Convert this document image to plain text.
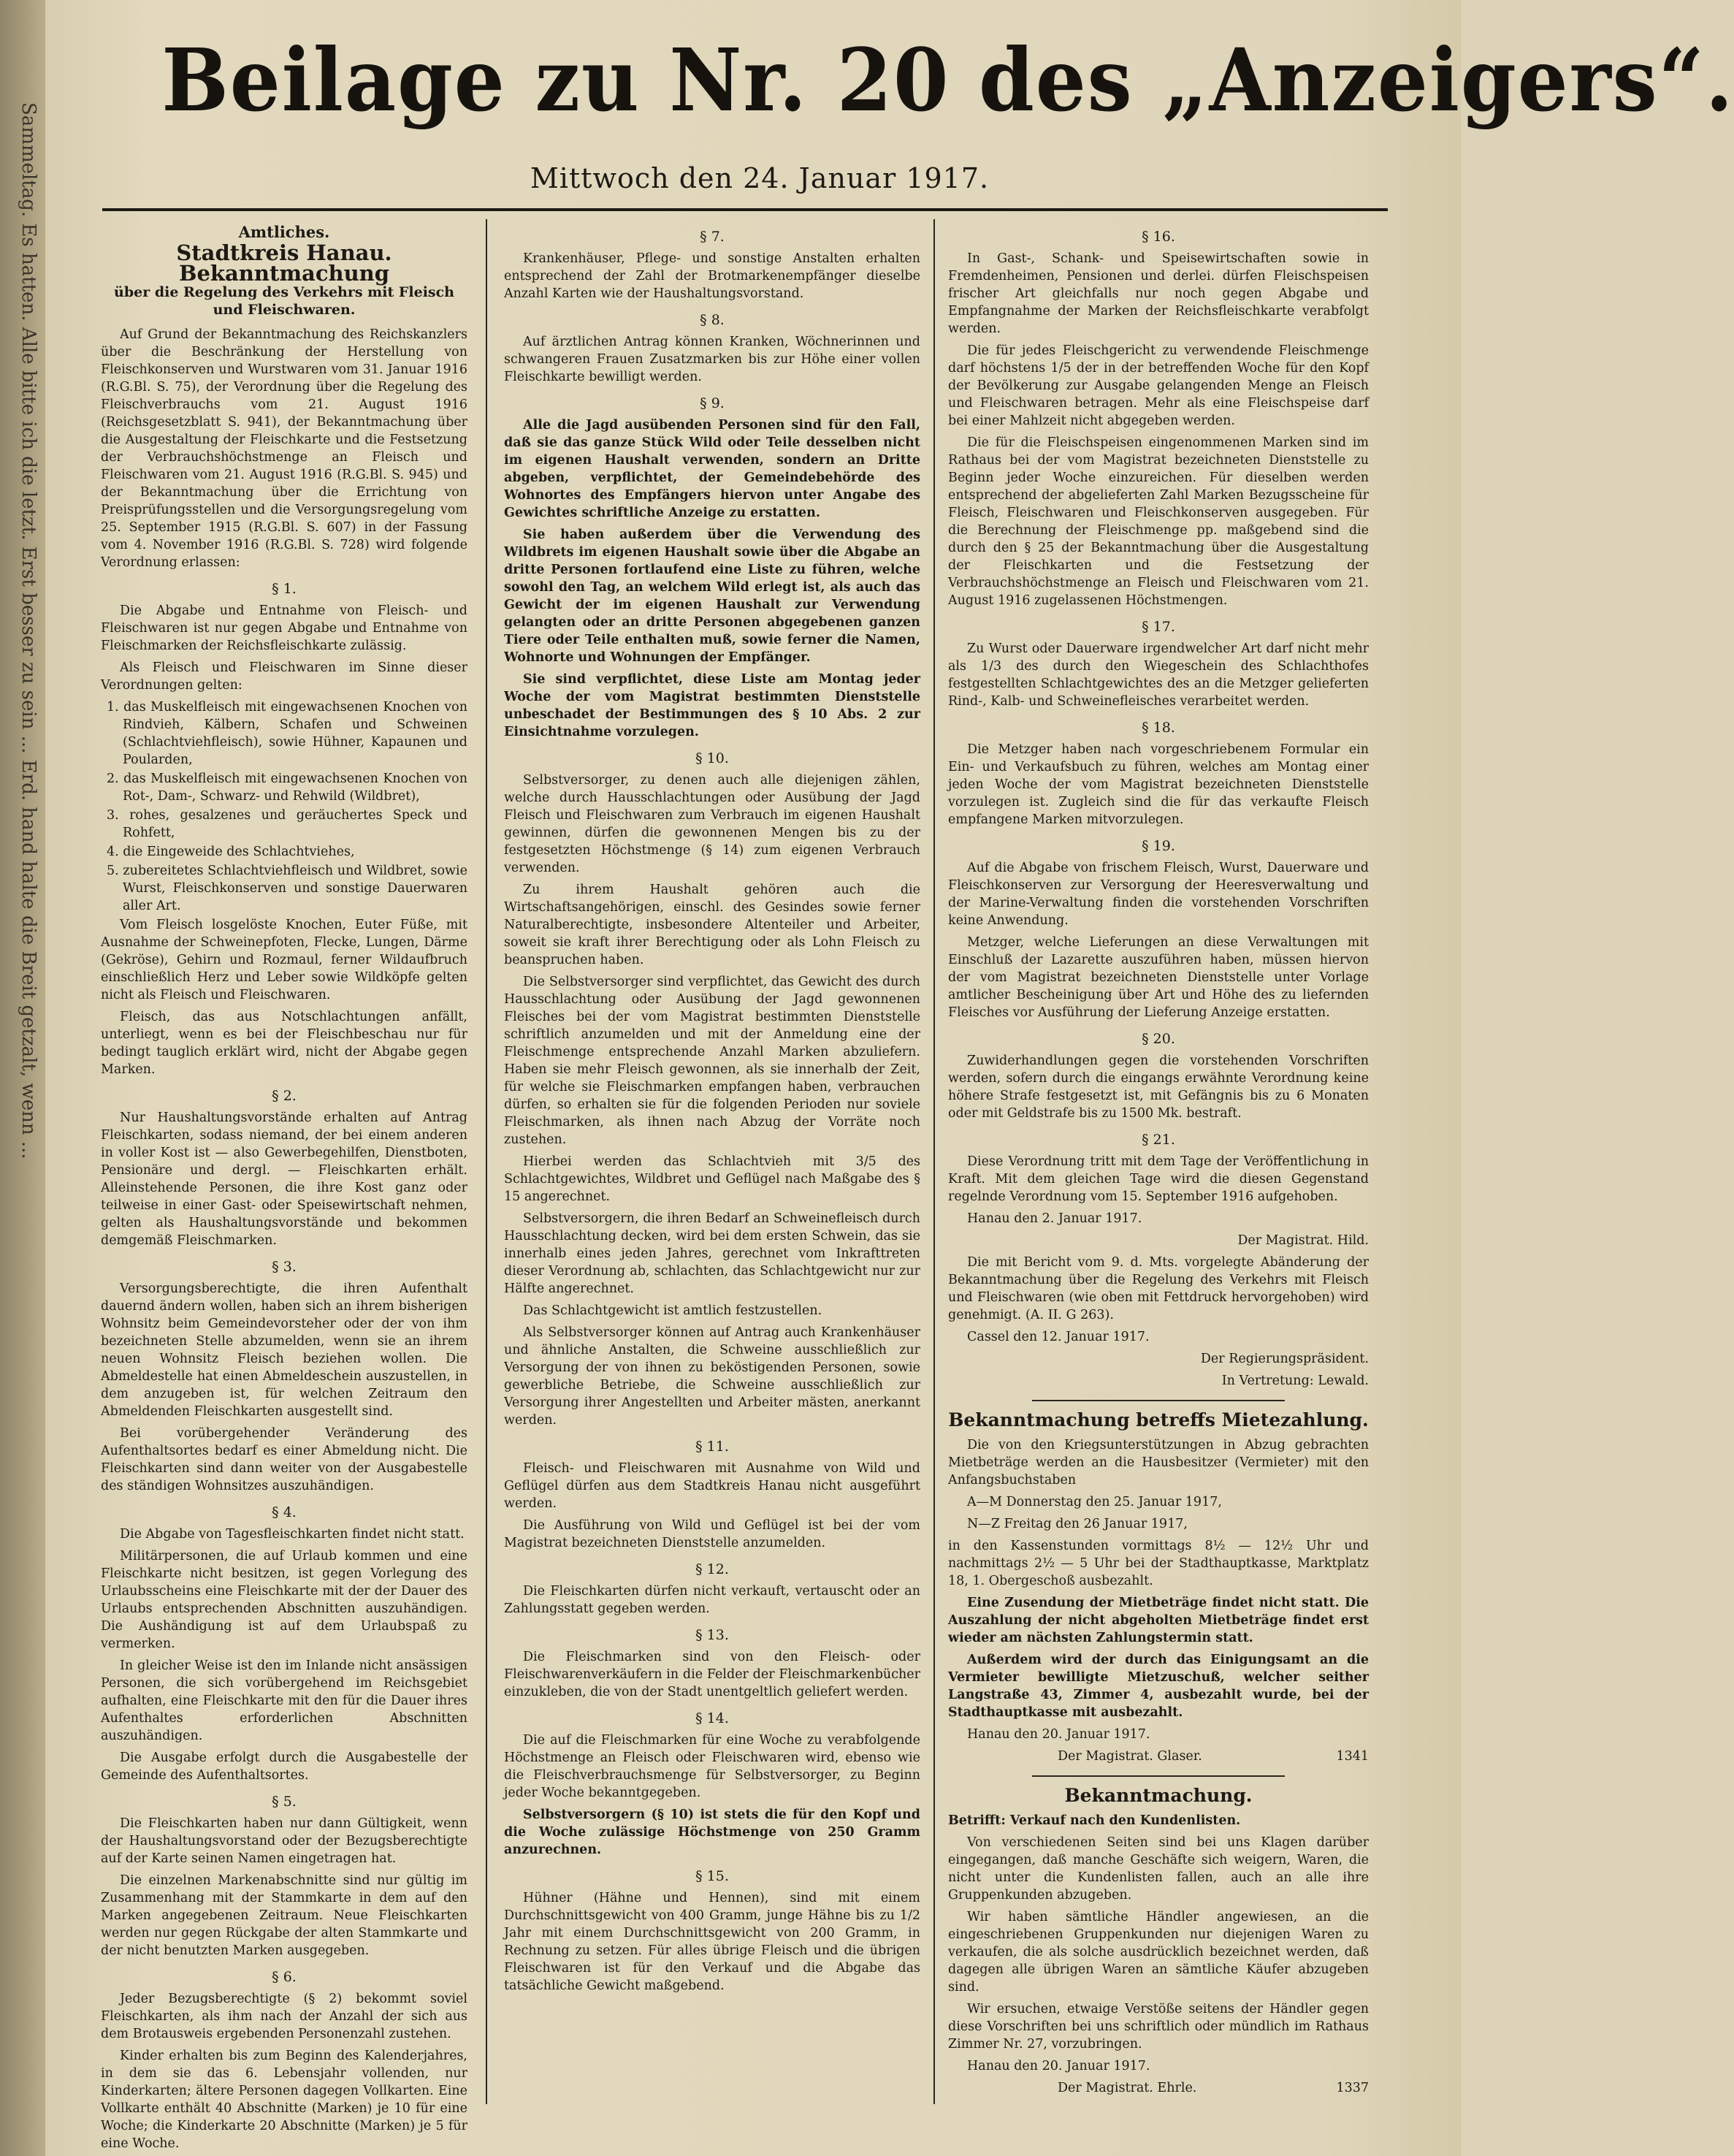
Sammeltag. Es hatten. Alle bitte ich die letzt. Erst besser zu sein ... Erd. hand halte die Breit getzalt, wenn ...
Beilage zu Nr. 20 des „Anzeigers“.
Mittwoch den 24. Januar 1917.
Amtliches.
Stadtkreis Hanau.
Bekanntmachung
über die Regelung des Verkehrs mit Fleisch und Fleischwaren.

Auf Grund der Bekanntmachung des Reichskanzlers über die Beschränkung der Herstellung von Fleischkonserven und Wurstwaren vom 31. Januar 1916 (R.G.Bl. S. 75), der Verordnung über die Regelung des Fleischverbrauchs vom 21. August 1916 (Reichsgesetzblatt S. 941), der Bekanntmachung über die Ausgestaltung der Fleischkarte und die Festsetzung der Verbrauchshöchstmenge an Fleisch und Fleischwaren vom 21. August 1916 (R.G.Bl. S. 945) und der Bekanntmachung über die Errichtung von Preisprüfungsstellen und die Versorgungsregelung vom 25. September 1915 (R.G.Bl. S. 607) in der Fassung vom 4. November 1916 (R.G.Bl. S. 728) wird folgende Verordnung erlassen:

§ 1.

Die Abgabe und Entnahme von Fleisch- und Fleischwaren ist nur gegen Abgabe und Entnahme von Fleischmarken der Reichsfleischkarte zulässig.

Als Fleisch und Fleischwaren im Sinne dieser Verordnungen gelten:

1. das Muskelfleisch mit eingewachsenen Knochen von Rindvieh, Kälbern, Schafen und Schweinen (Schlachtviehfleisch), sowie Hühner, Kapaunen und Poularden,

2. das Muskelfleisch mit eingewachsenen Knochen von Rot-, Dam-, Schwarz- und Rehwild (Wildbret),

3. rohes, gesalzenes und geräuchertes Speck und Rohfett,

4. die Eingeweide des Schlachtviehes,

5. zubereitetes Schlachtviehfleisch und Wildbret, sowie Wurst, Fleischkonserven und sonstige Dauerwaren aller Art.

Vom Fleisch losgelöste Knochen, Euter Füße, mit Ausnahme der Schweinepfoten, Flecke, Lungen, Därme (Gekröse), Gehirn und Rozmaul, ferner Wildaufbruch einschließlich Herz und Leber sowie Wildköpfe gelten nicht als Fleisch und Fleischwaren.

Fleisch, das aus Notschlachtungen anfällt, unterliegt, wenn es bei der Fleischbeschau nur für bedingt tauglich erklärt wird, nicht der Abgabe gegen Marken.

§ 2.

Nur Haushaltungsvorstände erhalten auf Antrag Fleischkarten, sodass niemand, der bei einem anderen in voller Kost ist — also Gewerbegehilfen, Dienstboten, Pensionäre und dergl. — Fleischkarten erhält. Alleinstehende Personen, die ihre Kost ganz oder teilweise in einer Gast- oder Speisewirtschaft nehmen, gelten als Haushaltungsvorstände und bekommen demgemäß Fleischmarken.

§ 3.

Versorgungsberechtigte, die ihren Aufenthalt dauernd ändern wollen, haben sich an ihrem bisherigen Wohnsitz beim Gemeindevorsteher oder der von ihm bezeichneten Stelle abzumelden, wenn sie an ihrem neuen Wohnsitz Fleisch beziehen wollen. Die Abmeldestelle hat einen Abmeldeschein auszustellen, in dem anzugeben ist, für welchen Zeitraum den Abmeldenden Fleischkarten ausgestellt sind.

Bei vorübergehender Veränderung des Aufenthaltsortes bedarf es einer Abmeldung nicht. Die Fleischkarten sind dann weiter von der Ausgabestelle des ständigen Wohnsitzes auszuhändigen.

§ 4.

Die Abgabe von Tagesfleischkarten findet nicht statt.

Militärpersonen, die auf Urlaub kommen und eine Fleischkarte nicht besitzen, ist gegen Vorlegung des Urlaubsscheins eine Fleischkarte mit der der Dauer des Urlaubs entsprechenden Abschnitten auszuhändigen. Die Aushändigung ist auf dem Urlaubspaß zu vermerken.

In gleicher Weise ist den im Inlande nicht ansässigen Personen, die sich vorübergehend im Reichsgebiet aufhalten, eine Fleischkarte mit den für die Dauer ihres Aufenthaltes erforderlichen Abschnitten auszuhändigen.

Die Ausgabe erfolgt durch die Ausgabestelle der Gemeinde des Aufenthaltsortes.

§ 5.

Die Fleischkarten haben nur dann Gültigkeit, wenn der Haushaltungsvorstand oder der Bezugsberechtigte auf der Karte seinen Namen eingetragen hat.

Die einzelnen Markenabschnitte sind nur gültig im Zusammenhang mit der Stammkarte in dem auf den Marken angegebenen Zeitraum. Neue Fleischkarten werden nur gegen Rückgabe der alten Stammkarte und der nicht benutzten Marken ausgegeben.

§ 6.

Jeder Bezugsberechtigte (§ 2) bekommt soviel Fleischkarten, als ihm nach der Anzahl der sich aus dem Brotausweis ergebenden Personenzahl zustehen.

Kinder erhalten bis zum Beginn des Kalenderjahres, in dem sie das 6. Lebensjahr vollenden, nur Kinderkarten; ältere Personen dagegen Vollkarten. Eine Vollkarte enthält 40 Abschnitte (Marken) je 10 für eine Woche; die Kinderkarte 20 Abschnitte (Marken) je 5 für eine Woche.

§ 7.

Krankenhäuser, Pflege- und sonstige Anstalten erhalten entsprechend der Zahl der Brotmarkenempfänger dieselbe Anzahl Karten wie der Haushaltungsvorstand.

§ 8.

Auf ärztlichen Antrag können Kranken, Wöchnerinnen und schwangeren Frauen Zusatzmarken bis zur Höhe einer vollen Fleischkarte bewilligt werden.

§ 9.

Alle die Jagd ausübenden Personen sind für den Fall, daß sie das ganze Stück Wild oder Teile desselben nicht im eigenen Haushalt verwenden, sondern an Dritte abgeben, verpflichtet, der Gemeindebehörde des Wohnortes des Empfängers hiervon unter Angabe des Gewichtes schriftliche Anzeige zu erstatten.

Sie haben außerdem über die Verwendung des Wildbrets im eigenen Haushalt sowie über die Abgabe an dritte Personen fortlaufend eine Liste zu führen, welche sowohl den Tag, an welchem Wild erlegt ist, als auch das Gewicht der im eigenen Haushalt zur Verwendung gelangten oder an dritte Personen abgegebenen ganzen Tiere oder Teile enthalten muß, sowie ferner die Namen, Wohnorte und Wohnungen der Empfänger.

Sie sind verpflichtet, diese Liste am Montag jeder Woche der vom Magistrat bestimmten Dienststelle unbeschadet der Bestimmungen des § 10 Abs. 2 zur Einsichtnahme vorzulegen.

§ 10.

Selbstversorger, zu denen auch alle diejenigen zählen, welche durch Hausschlachtungen oder Ausübung der Jagd Fleisch und Fleischwaren zum Verbrauch im eigenen Haushalt gewinnen, dürfen die gewonnenen Mengen bis zu der festgesetzten Höchstmenge (§ 14) zum eigenen Verbrauch verwenden.

Zu ihrem Haushalt gehören auch die Wirtschaftsangehörigen, einschl. des Gesindes sowie ferner Naturalberechtigte, insbesondere Altenteiler und Arbeiter, soweit sie kraft ihrer Berechtigung oder als Lohn Fleisch zu beanspruchen haben.

Die Selbstversorger sind verpflichtet, das Gewicht des durch Hausschlachtung oder Ausübung der Jagd gewonnenen Fleisches bei der vom Magistrat bestimmten Dienststelle schriftlich anzumelden und mit der Anmeldung eine der Fleischmenge entsprechende Anzahl Marken abzuliefern. Haben sie mehr Fleisch gewonnen, als sie innerhalb der Zeit, für welche sie Fleischmarken empfangen haben, verbrauchen dürfen, so erhalten sie für die folgenden Perioden nur soviele Fleischmarken, als ihnen nach Abzug der Vorräte noch zustehen.

Hierbei werden das Schlachtvieh mit 3/5 des Schlachtgewichtes, Wildbret und Geflügel nach Maßgabe des § 15 angerechnet.

Selbstversorgern, die ihren Bedarf an Schweinefleisch durch Hausschlachtung decken, wird bei dem ersten Schwein, das sie innerhalb eines jeden Jahres, gerechnet vom Inkrafttreten dieser Verordnung ab, schlachten, das Schlachtgewicht nur zur Hälfte angerechnet.

Das Schlachtgewicht ist amtlich festzustellen.

Als Selbstversorger können auf Antrag auch Krankenhäuser und ähnliche Anstalten, die Schweine ausschließlich zur Versorgung der von ihnen zu beköstigenden Personen, sowie gewerbliche Betriebe, die Schweine ausschließlich zur Versorgung ihrer Angestellten und Arbeiter mästen, anerkannt werden.

§ 11.

Fleisch- und Fleischwaren mit Ausnahme von Wild und Geflügel dürfen aus dem Stadtkreis Hanau nicht ausgeführt werden.

Die Ausführung von Wild und Geflügel ist bei der vom Magistrat bezeichneten Dienststelle anzumelden.

§ 12.

Die Fleischkarten dürfen nicht verkauft, vertauscht oder an Zahlungsstatt gegeben werden.

§ 13.

Die Fleischmarken sind von den Fleisch- oder Fleischwarenverkäufern in die Felder der Fleischmarkenbücher einzukleben, die von der Stadt unentgeltlich geliefert werden.

§ 14.

Die auf die Fleischmarken für eine Woche zu verabfolgende Höchstmenge an Fleisch oder Fleischwaren wird, ebenso wie die Fleischverbrauchsmenge für Selbstversorger, zu Beginn jeder Woche bekanntgegeben.

Selbstversorgern (§ 10) ist stets die für den Kopf und die Woche zulässige Höchstmenge von 250 Gramm anzurechnen.

§ 15.

Hühner (Hähne und Hennen), sind mit einem Durchschnittsgewicht von 400 Gramm, junge Hähne bis zu 1/2 Jahr mit einem Durchschnittsgewicht von 200 Gramm, in Rechnung zu setzen. Für alles übrige Fleisch und die übrigen Fleischwaren ist für den Verkauf und die Abgabe das tatsächliche Gewicht maßgebend.

§ 16.

In Gast-, Schank- und Speisewirtschaften sowie in Fremdenheimen, Pensionen und derlei. dürfen Fleischspeisen frischer Art gleichfalls nur noch gegen Abgabe und Empfangnahme der Marken der Reichsfleischkarte verabfolgt werden.

Die für jedes Fleischgericht zu verwendende Fleischmenge darf höchstens 1/5 der in der betreffenden Woche für den Kopf der Bevölkerung zur Ausgabe gelangenden Menge an Fleisch und Fleischwaren betragen. Mehr als eine Fleischspeise darf bei einer Mahlzeit nicht abgegeben werden.

Die für die Fleischspeisen eingenommenen Marken sind im Rathaus bei der vom Magistrat bezeichneten Dienststelle zu Beginn jeder Woche einzureichen. Für dieselben werden entsprechend der abgelieferten Zahl Marken Bezugsscheine für Fleisch, Fleischwaren und Fleischkonserven ausgegeben. Für die Berechnung der Fleischmenge pp. maßgebend sind die durch den § 25 der Bekanntmachung über die Ausgestaltung der Fleischkarten und die Festsetzung der Verbrauchshöchstmenge an Fleisch und Fleischwaren vom 21. August 1916 zugelassenen Höchstmengen.

§ 17.

Zu Wurst oder Dauerware irgendwelcher Art darf nicht mehr als 1/3 des durch den Wiegeschein des Schlachthofes festgestellten Schlachtgewichtes des an die Metzger gelieferten Rind-, Kalb- und Schweinefleisches verarbeitet werden.

§ 18.

Die Metzger haben nach vorgeschriebenem Formular ein Ein- und Verkaufsbuch zu führen, welches am Montag einer jeden Woche der vom Magistrat bezeichneten Dienststelle vorzulegen ist. Zugleich sind die für das verkaufte Fleisch empfangene Marken mitvorzulegen.

§ 19.

Auf die Abgabe von frischem Fleisch, Wurst, Dauerware und Fleischkonserven zur Versorgung der Heeresverwaltung und der Marine-Verwaltung finden die vorstehenden Vorschriften keine Anwendung.

Metzger, welche Lieferungen an diese Verwaltungen mit Einschluß der Lazarette auszuführen haben, müssen hiervon der vom Magistrat bezeichneten Dienststelle unter Vorlage amtlicher Bescheinigung über Art und Höhe des zu liefernden Fleisches vor Ausführung der Lieferung Anzeige erstatten.

§ 20.

Zuwiderhandlungen gegen die vorstehenden Vorschriften werden, sofern durch die eingangs erwähnte Verordnung keine höhere Strafe festgesetzt ist, mit Gefängnis bis zu 6 Monaten oder mit Geldstrafe bis zu 1500 Mk. bestraft.

§ 21.

Diese Verordnung tritt mit dem Tage der Veröffentlichung in Kraft. Mit dem gleichen Tage wird die diesen Gegenstand regelnde Verordnung vom 15. September 1916 aufgehoben.

Hanau den 2. Januar 1917.

Der Magistrat. Hild.

Die mit Bericht vom 9. d. Mts. vorgelegte Abänderung der Bekanntmachung über die Regelung des Verkehrs mit Fleisch und Fleischwaren (wie oben mit Fettdruck hervorgehoben) wird genehmigt. (A. II. G 263).

Cassel den 12. Januar 1917.

Der Regierungspräsident.

In Vertretung: Lewald.

Bekanntmachung betreffs Mietezahlung.

Die von den Kriegsunterstützungen in Abzug gebrachten Mietbeträge werden an die Hausbesitzer (Vermieter) mit den Anfangsbuchstaben

A—M Donnerstag den 25. Januar 1917,

N—Z Freitag den 26 Januar 1917,

in den Kassenstunden vormittags 8½ — 12½ Uhr und nachmittags 2½ — 5 Uhr bei der Stadthauptkasse, Marktplatz 18, 1. Obergeschoß ausbezahlt.

Eine Zusendung der Mietbeträge findet nicht statt. Die Auszahlung der nicht abgeholten Mietbeträge findet erst wieder am nächsten Zahlungstermin statt.

Außerdem wird der durch das Einigungsamt an die Vermieter bewilligte Mietzuschuß, welcher seither Langstraße 43, Zimmer 4, ausbezahlt wurde, bei der Stadthauptkasse mit ausbezahlt.

Hanau den 20. Januar 1917.

Der Magistrat. Glaser.	1341
Bekanntmachung.

Betrifft: Verkauf nach den Kundenlisten.

Von verschiedenen Seiten sind bei uns Klagen darüber eingegangen, daß manche Geschäfte sich weigern, Waren, die nicht unter die Kundenlisten fallen, auch an alle ihre Gruppenkunden abzugeben.

Wir haben sämtliche Händler angewiesen, an die eingeschriebenen Gruppenkunden nur diejenigen Waren zu verkaufen, die als solche ausdrücklich bezeichnet werden, daß dagegen alle übrigen Waren an sämtliche Käufer abzugeben sind.

Wir ersuchen, etwaige Verstöße seitens der Händler gegen diese Vorschriften bei uns schriftlich oder mündlich im Rathaus Zimmer Nr. 27, vorzubringen.

Hanau den 20. Januar 1917.

Der Magistrat. Ehrle.	1337
